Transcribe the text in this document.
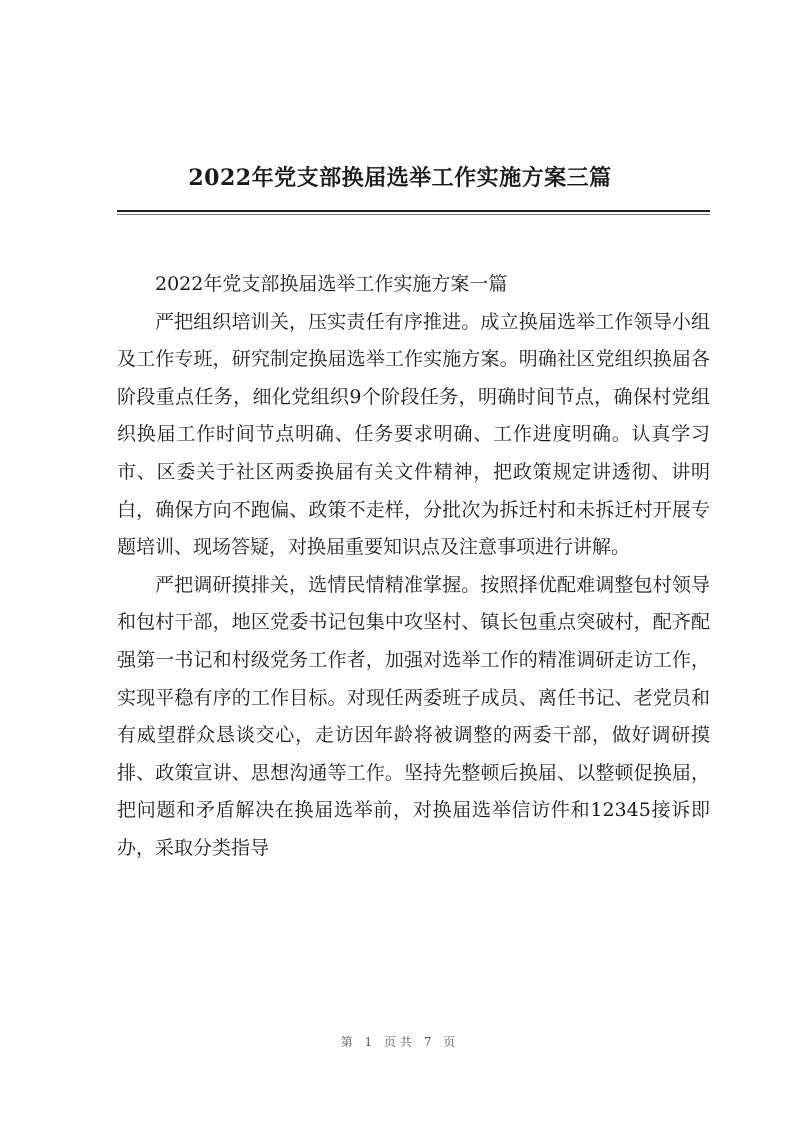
2022年党支部换届选举工作实施方案三篇

2022年党支部换届选举工作实施方案一篇

严把组织培训关，压实责任有序推进。成立换届选举工作领导小组及工作专班，研究制定换届选举工作实施方案。明确社区党组织换届各阶段重点任务，细化党组织9个阶段任务，明确时间节点，确保村党组织换届工作时间节点明确、任务要求明确、工作进度明确。认真学习市、区委关于社区两委换届有关文件精神，把政策规定讲透彻、讲明白，确保方向不跑偏、政策不走样，分批次为拆迁村和未拆迁村开展专题培训、现场答疑，对换届重要知识点及注意事项进行讲解。

严把调研摸排关，选情民情精准掌握。按照择优配难调整包村领导和包村干部，地区党委书记包集中攻坚村、镇长包重点突破村，配齐配强第一书记和村级党务工作者，加强对选举工作的精准调研走访工作，实现平稳有序的工作目标。对现任两委班子成员、离任书记、老党员和有威望群众恳谈交心，走访因年龄将被调整的两委干部，做好调研摸排、政策宣讲、思想沟通等工作。坚持先整顿后换届、以整顿促换届，把问题和矛盾解决在换届选举前，对换届选举信访件和12345接诉即办，采取分类指导

第 1 页共 7 页
